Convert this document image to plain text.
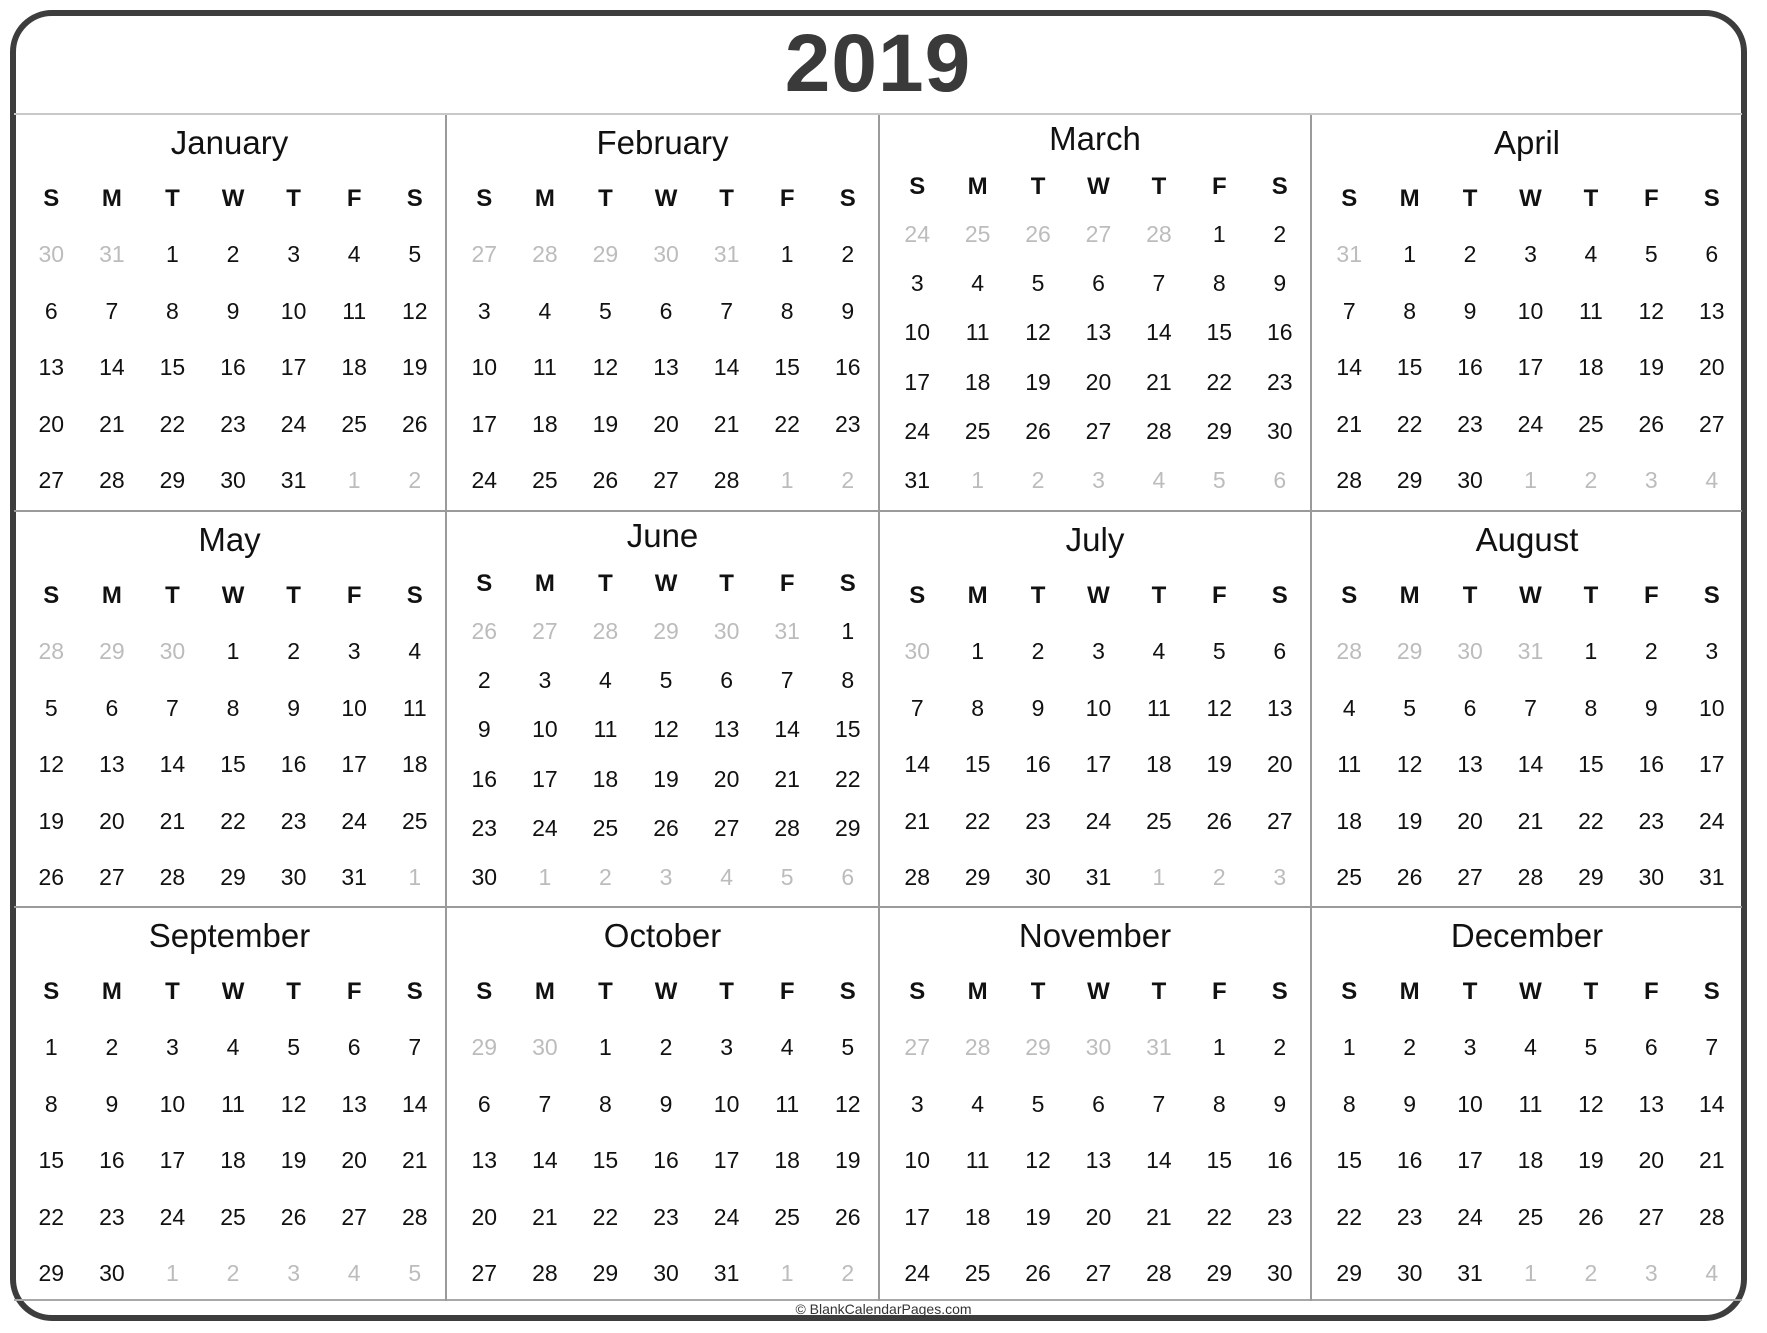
2019
January
S	M	T	W	T	F	S
30	31	1	2	3	4	5
6	7	8	9	10	11	12
13	14	15	16	17	18	19
20	21	22	23	24	25	26
27	28	29	30	31	1	2
February
S	M	T	W	T	F	S
27	28	29	30	31	1	2
3	4	5	6	7	8	9
10	11	12	13	14	15	16
17	18	19	20	21	22	23
24	25	26	27	28	1	2
March
S	M	T	W	T	F	S
24	25	26	27	28	1	2
3	4	5	6	7	8	9
10	11	12	13	14	15	16
17	18	19	20	21	22	23
24	25	26	27	28	29	30
31	1	2	3	4	5	6
April
S	M	T	W	T	F	S
31	1	2	3	4	5	6
7	8	9	10	11	12	13
14	15	16	17	18	19	20
21	22	23	24	25	26	27
28	29	30	1	2	3	4
May
S	M	T	W	T	F	S
28	29	30	1	2	3	4
5	6	7	8	9	10	11
12	13	14	15	16	17	18
19	20	21	22	23	24	25
26	27	28	29	30	31	1
June
S	M	T	W	T	F	S
26	27	28	29	30	31	1
2	3	4	5	6	7	8
9	10	11	12	13	14	15
16	17	18	19	20	21	22
23	24	25	26	27	28	29
30	1	2	3	4	5	6
July
S	M	T	W	T	F	S
30	1	2	3	4	5	6
7	8	9	10	11	12	13
14	15	16	17	18	19	20
21	22	23	24	25	26	27
28	29	30	31	1	2	3
August
S	M	T	W	T	F	S
28	29	30	31	1	2	3
4	5	6	7	8	9	10
11	12	13	14	15	16	17
18	19	20	21	22	23	24
25	26	27	28	29	30	31
September
S	M	T	W	T	F	S
1	2	3	4	5	6	7
8	9	10	11	12	13	14
15	16	17	18	19	20	21
22	23	24	25	26	27	28
29	30	1	2	3	4	5
October
S	M	T	W	T	F	S
29	30	1	2	3	4	5
6	7	8	9	10	11	12
13	14	15	16	17	18	19
20	21	22	23	24	25	26
27	28	29	30	31	1	2
November
S	M	T	W	T	F	S
27	28	29	30	31	1	2
3	4	5	6	7	8	9
10	11	12	13	14	15	16
17	18	19	20	21	22	23
24	25	26	27	28	29	30
December
S	M	T	W	T	F	S
1	2	3	4	5	6	7
8	9	10	11	12	13	14
15	16	17	18	19	20	21
22	23	24	25	26	27	28
29	30	31	1	2	3	4
© BlankCalendarPages.com
